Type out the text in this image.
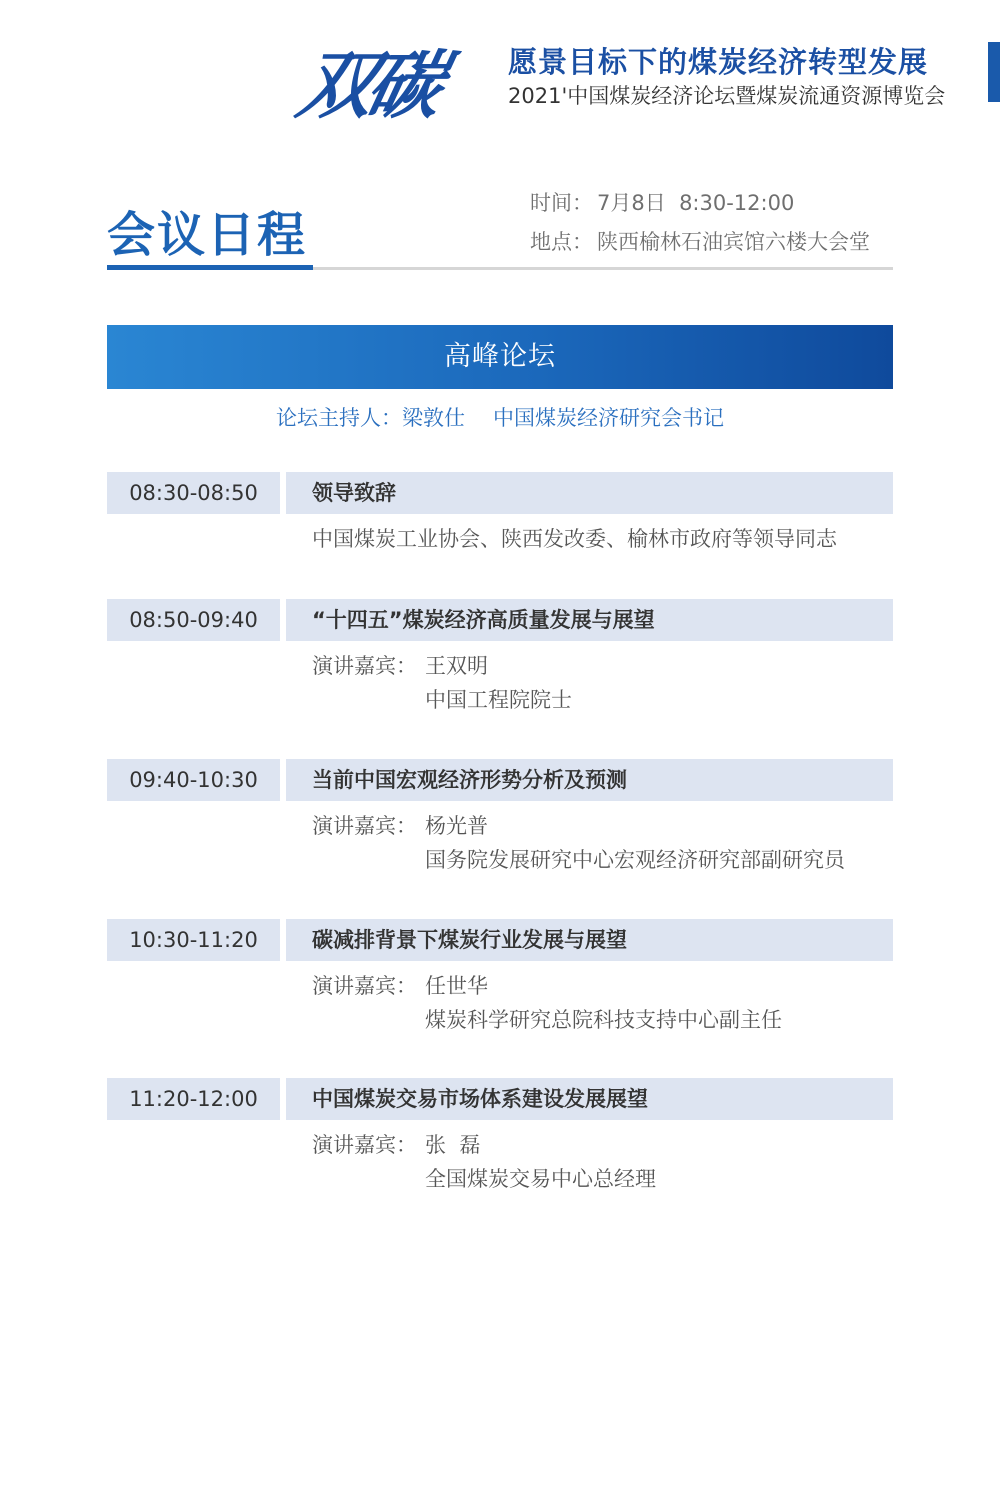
双碳	愿景目标下的煤炭经济转型发展
2021'中国煤炭经济论坛暨煤炭流通资源博览会
会议日程
时间： 7月8日  8:30-12:00
地点： 陕西榆林石油宾馆六楼大会堂
高峰论坛
论坛主持人：梁敦仕 中国煤炭经济研究会书记
08:30-08:50	领导致辞
中国煤炭工业协会、陕西发改委、榆林市政府等领导同志
08:50-09:40	“十四五”煤炭经济高质量发展与展望
演讲嘉宾： 王双明
中国工程院院士
09:40-10:30	当前中国宏观经济形势分析及预测
演讲嘉宾： 杨光普
国务院发展研究中心宏观经济研究部副研究员
10:30-11:20	碳减排背景下煤炭行业发展与展望
演讲嘉宾： 任世华
煤炭科学研究总院科技支持中心副主任
11:20-12:00	中国煤炭交易市场体系建设发展展望
演讲嘉宾： 张  磊
全国煤炭交易中心总经理
